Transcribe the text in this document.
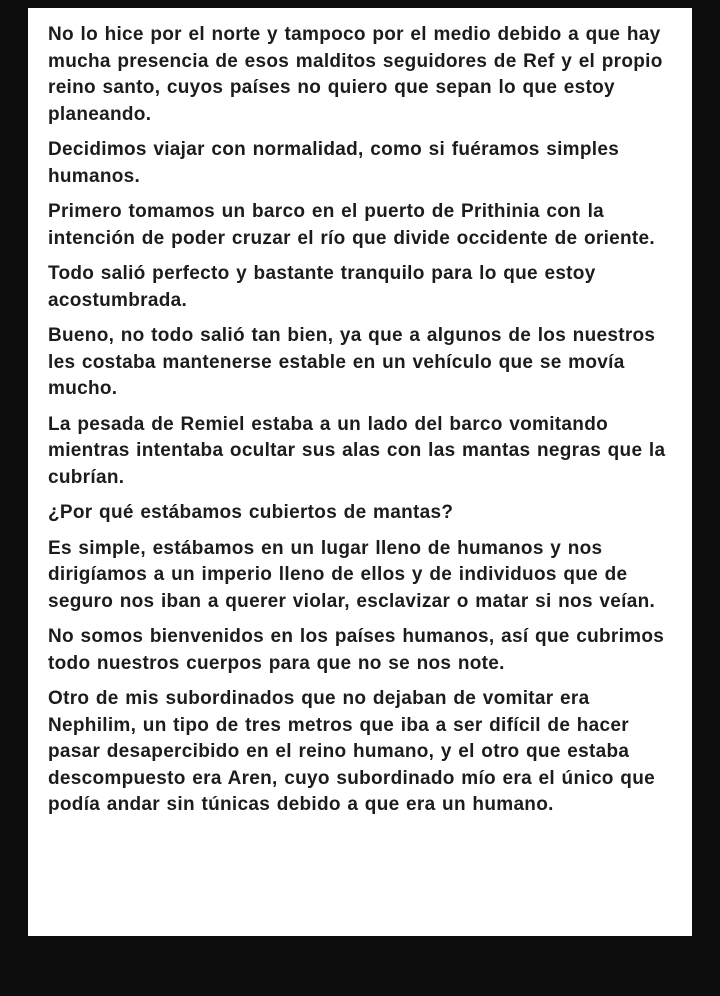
No lo hice por el norte y tampoco por el medio debido a que hay mucha presencia de esos malditos seguidores de Ref y el propio reino santo, cuyos países no quiero que sepan lo que estoy planeando.

Decidimos viajar con normalidad, como si fuéramos simples humanos.

Primero tomamos un barco en el puerto de Prithinia con la intención de poder cruzar el río que divide occidente de oriente.

Todo salió perfecto y bastante tranquilo para lo que estoy acostumbrada.

Bueno, no todo salió tan bien, ya que a algunos de los nuestros les costaba mantenerse estable en un vehículo que se movía mucho.

La pesada de Remiel estaba a un lado del barco vomitando mientras intentaba ocultar sus alas con las mantas negras que la cubrían.

¿Por qué estábamos cubiertos de mantas?

Es simple, estábamos en un lugar lleno de humanos y nos dirigíamos a un imperio lleno de ellos y de individuos que de seguro nos iban a querer violar, esclavizar o matar si nos veían.

No somos bienvenidos en los países humanos, así que cubrimos todo nuestros cuerpos para que no se nos note.

Otro de mis subordinados que no dejaban de vomitar era Nephilim, un tipo de tres metros que iba a ser difícil de hacer pasar desapercibido en el reino humano, y el otro que estaba descompuesto era Aren, cuyo subordinado mío era el único que podía andar sin túnicas debido a que era un humano.
